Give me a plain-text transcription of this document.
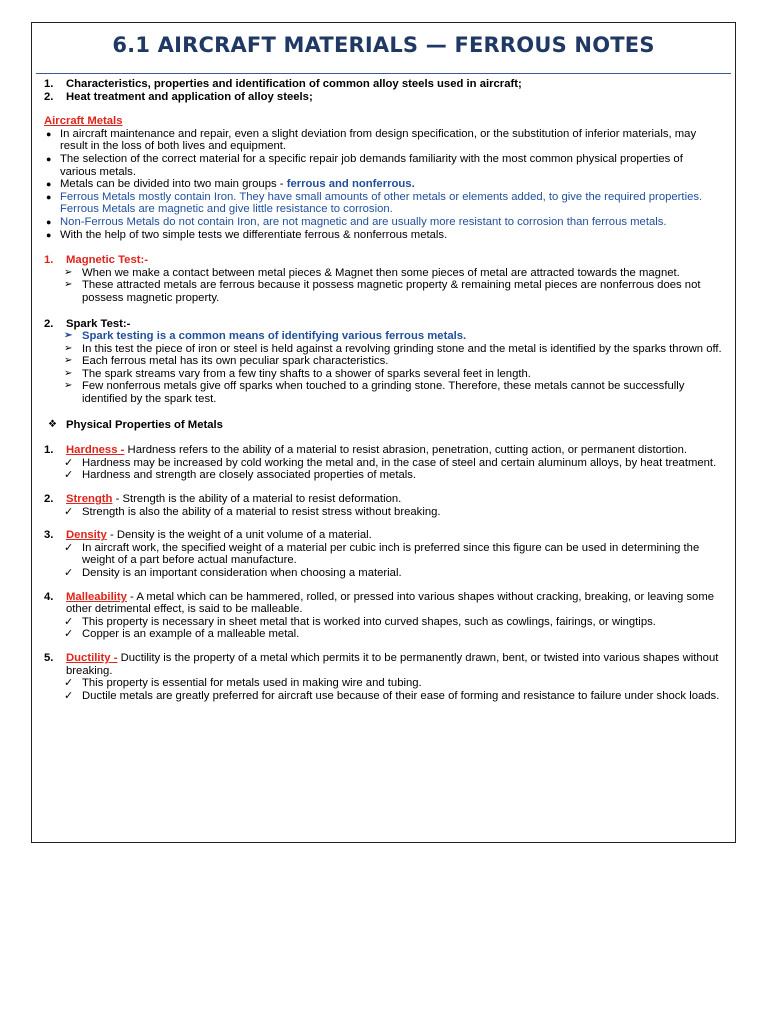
6.1 AIRCRAFT MATERIALS — FERROUS NOTES
1.	Characteristics, properties and identification of common alloy steels used in aircraft;
2.	Heat treatment and application of alloy steels;
Aircraft Metals
● In aircraft maintenance and repair, even a slight deviation from design specification, or the substitution of inferior materials, may result in the loss of both lives and equipment.
● The selection of the correct material for a specific repair job demands familiarity with the most common physical properties of various metals.
● Metals can be divided into two main groups - ferrous and nonferrous.
● Ferrous Metals mostly contain Iron. They have small amounts of other metals or elements added, to give the required properties. Ferrous Metals are magnetic and give little resistance to corrosion.
● Non-Ferrous Metals do not contain Iron, are not magnetic and are usually more resistant to corrosion than ferrous metals.
● With the help of two simple tests we differentiate ferrous & nonferrous metals.
1.	Magnetic Test:-
➢ When we make a contact between metal pieces & Magnet then some pieces of metal are attracted towards the magnet.
➢ These attracted metals are ferrous because it possess magnetic property & remaining metal pieces are nonferrous does not possess magnetic property.
2.	Spark Test:-
➢ Spark testing is a common means of identifying various ferrous metals.
➢ In this test the piece of iron or steel is held against a revolving grinding stone and the metal is identified by the sparks thrown off.
➢ Each ferrous metal has its own peculiar spark characteristics.
➢ The spark streams vary from a few tiny shafts to a shower of sparks several feet in length.
➢ Few nonferrous metals give off sparks when touched to a grinding stone. Therefore, these metals cannot be successfully identified by the spark test.
❖ Physical Properties of Metals
1.	Hardness - Hardness refers to the ability of a material to resist abrasion, penetration, cutting action, or permanent distortion.
✓ Hardness may be increased by cold working the metal and, in the case of steel and certain aluminum alloys, by heat treatment.
✓ Hardness and strength are closely associated properties of metals.
2.	Strength - Strength is the ability of a material to resist deformation.
✓ Strength is also the ability of a material to resist stress without breaking.
3.	Density - Density is the weight of a unit volume of a material.
✓ In aircraft work, the specified weight of a material per cubic inch is preferred since this figure can be used in determining the weight of a part before actual manufacture.
✓ Density is an important consideration when choosing a material.
4.	Malleability - A metal which can be hammered, rolled, or pressed into various shapes without cracking, breaking, or leaving some other detrimental effect, is said to be malleable.
✓ This property is necessary in sheet metal that is worked into curved shapes, such as cowlings, fairings, or wingtips.
✓ Copper is an example of a malleable metal.
5.	Ductility - Ductility is the property of a metal which permits it to be permanently drawn, bent, or twisted into various shapes without breaking.
✓ This property is essential for metals used in making wire and tubing.
✓ Ductile metals are greatly preferred for aircraft use because of their ease of forming and resistance to failure under shock loads.
